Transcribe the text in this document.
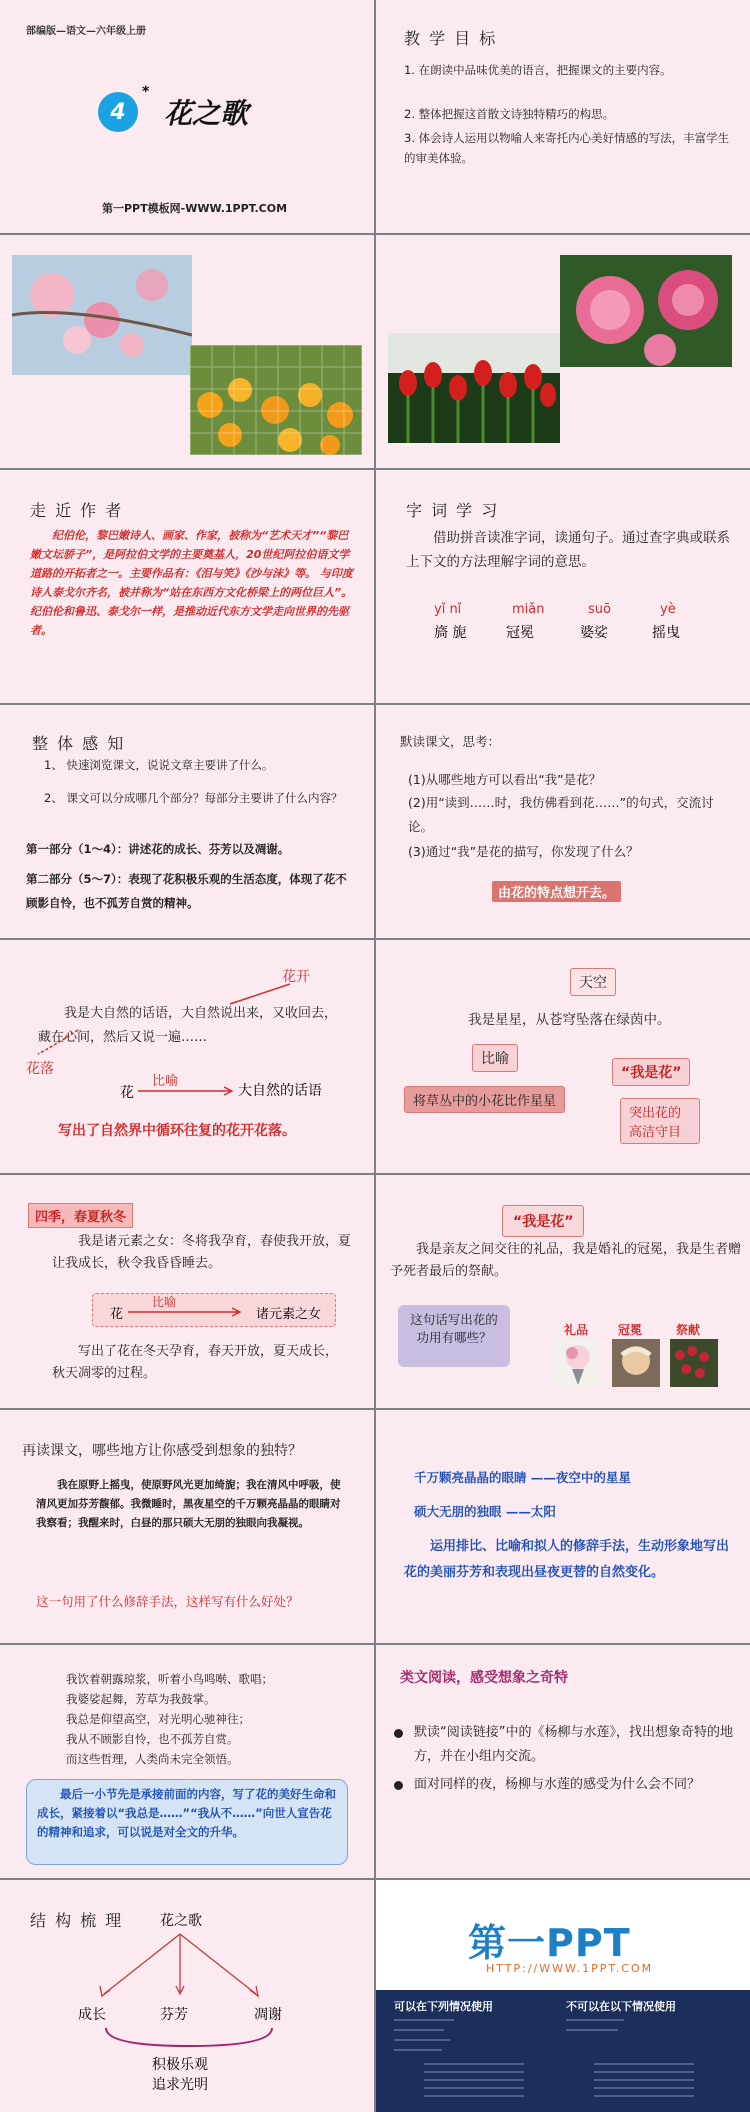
部编版—语文—六年级上册
4
*
花之歌
第一PPT模板网-WWW.1PPT.COM
教 学 目 标
1. 在朗读中品味优美的语言，把握课文的主要内容。
2. 整体把握这首散文诗独特精巧的构思。
3. 体会诗人运用以物喻人来寄托内心美好情感的写法，丰富学生的审美体验。
走 近 作 者
纪伯伦，黎巴嫩诗人、画家、作家，被称为“艺术天才”“黎巴嫩文坛骄子”，是阿拉伯文学的主要奠基人，20世纪阿拉伯语文学道路的开拓者之一。主要作品有：《泪与笑》《沙与沫》等。 与印度诗人泰戈尔齐名，被并称为“站在东西方文化桥梁上的两位巨人”。纪伯伦和鲁迅、泰戈尔一样，是推动近代东方文学走向世界的先驱者。
字 词 学 习
借助拼音读准字词，读通句子。通过查字典或联系上下文的方法理解字词的意思。
yǐ nǐ
旖 旎
miǎn
冠冕
suō
婆娑
yè
摇曳
整 体 感 知
1、 快速浏览课文，说说文章主要讲了什么。
2、 课文可以分成哪几个部分？每部分主要讲了什么内容？
第一部分（1～4）：讲述花的成长、芬芳以及凋谢。
第二部分（5～7）：表现了花积极乐观的生活态度，体现了花不顾影自怜，也不孤芳自赏的精神。
默读课文，思考：
(1)从哪些地方可以看出“我”是花？
(2)用“读到……时，我仿佛看到花……”的句式，交流讨论。
(3)通过“我”是花的描写，你发现了什么？
由花的特点想开去。
花开
我是大自然的话语，大自然说出来，又收回去，藏在心间，然后又说一遍……
花落
花
比喻
大自然的话语
写出了自然界中循环往复的花开花落。
天空
我是星星，从苍穹坠落在绿茵中。
比喻
“我是花”
将草丛中的小花比作星星
突出花的高洁守目
四季，春夏秋冬
我是诸元素之女：冬将我孕育，春使我开放，夏让我成长，秋令我昏昏睡去。
花
比喻
诸元素之女
写出了花在冬天孕育，春天开放，夏天成长，秋天凋零的过程。
“我是花”
我是亲友之间交往的礼品，我是婚礼的冠冕，我是生者赠予死者最后的祭献。
这句话写出花的功用有哪些？	礼品 冠冕	祭献
再读课文，哪些地方让你感受到想象的独特？
我在原野上摇曳，使原野风光更加绮旎；我在清风中呼吸，使清风更加芬芳馥郁。我微睡时，黑夜星空的千万颗亮晶晶的眼睛对我察看；我醒来时，白昼的那只硕大无朋的独眼向我凝视。
这一句用了什么修辞手法，这样写有什么好处？
千万颗亮晶晶的眼睛 ——夜空中的星星
硕大无朋的独眼 ——太阳
运用排比、比喻和拟人的修辞手法，生动形象地写出花的美丽芬芳和表现出昼夜更替的自然变化。
我饮着朝露琼浆，听着小鸟鸣啭、歌唱；
我婆娑起舞，芳草为我鼓掌。
我总是仰望高空，对光明心驰神往；
我从不顾影自怜，也不孤芳自赏。
而这些哲理，人类尚未完全领悟。
最后一小节先是承接前面的内容，写了花的美好生命和成长，紧接着以“我总是……”“我从不……”向世人宣告花的精神和追求，可以说是对全文的升华。
类文阅读，感受想象之奇特
默读“阅读链接”中的《杨柳与水莲》，找出想象奇特的地方，并在小组内交流。
面对同样的夜，杨柳与水莲的感受为什么会不同？
结 构 梳 理	花之歌
成长	芬芳	凋谢
积极乐观
追求光明
第一PPT
HTTP://WWW.1PPT.COM
可以在下列情况使用	不可以在以下情况使用
